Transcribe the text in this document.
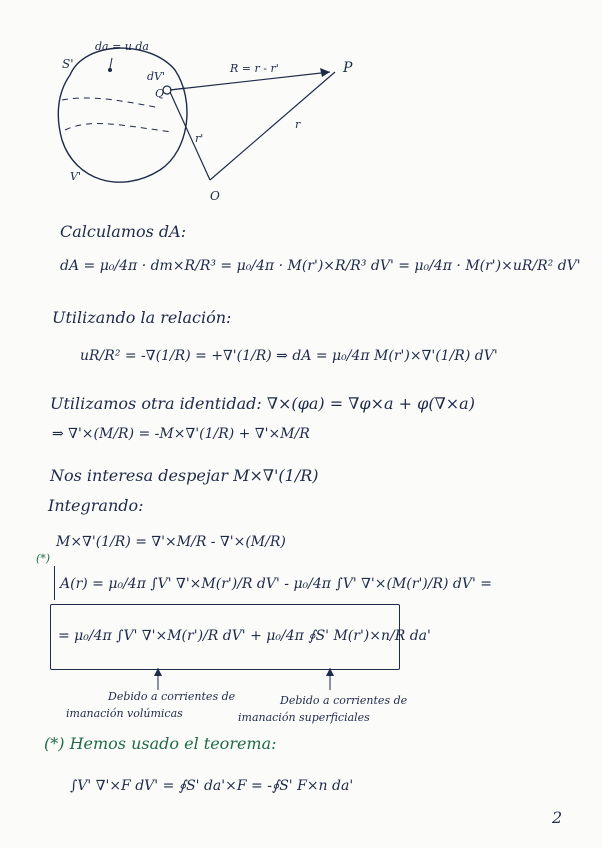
S'
da = u da
dV'
Q
R = r - r'	P
r
r'
V'
O
Calculamos dA:
dA = μ₀/4π · dm×R/R³ = μ₀/4π · M(r')×R/R³ dV' = μ₀/4π · M(r')×uR/R² dV'
Utilizando la relación:
uR/R² = -∇(1/R) = +∇'(1/R) ⇒ dA = μ₀/4π M(r')×∇'(1/R) dV'
Utilizamos otra identidad: ∇×(φa) = ∇φ×a + φ(∇×a)
⇒ ∇'×(M/R) = -M×∇'(1/R) + ∇'×M/R
Nos interesa despejar M×∇'(1/R)
Integrando:
M×∇'(1/R) = ∇'×M/R - ∇'×(M/R)
(*)
A(r) = μ₀/4π ∫V' ∇'×M(r')/R dV' - μ₀/4π ∫V' ∇'×(M(r')/R) dV' =
= μ₀/4π ∫V' ∇'×M(r')/R dV' + μ₀/4π ∮S' M(r')×n/R da'
Debido a corrientes de
imanación volúmicas
Debido a corrientes de
imanación superficiales
(*) Hemos usado el teorema:
∫V' ∇'×F dV' = ∮S' da'×F = -∮S' F×n da'
2
